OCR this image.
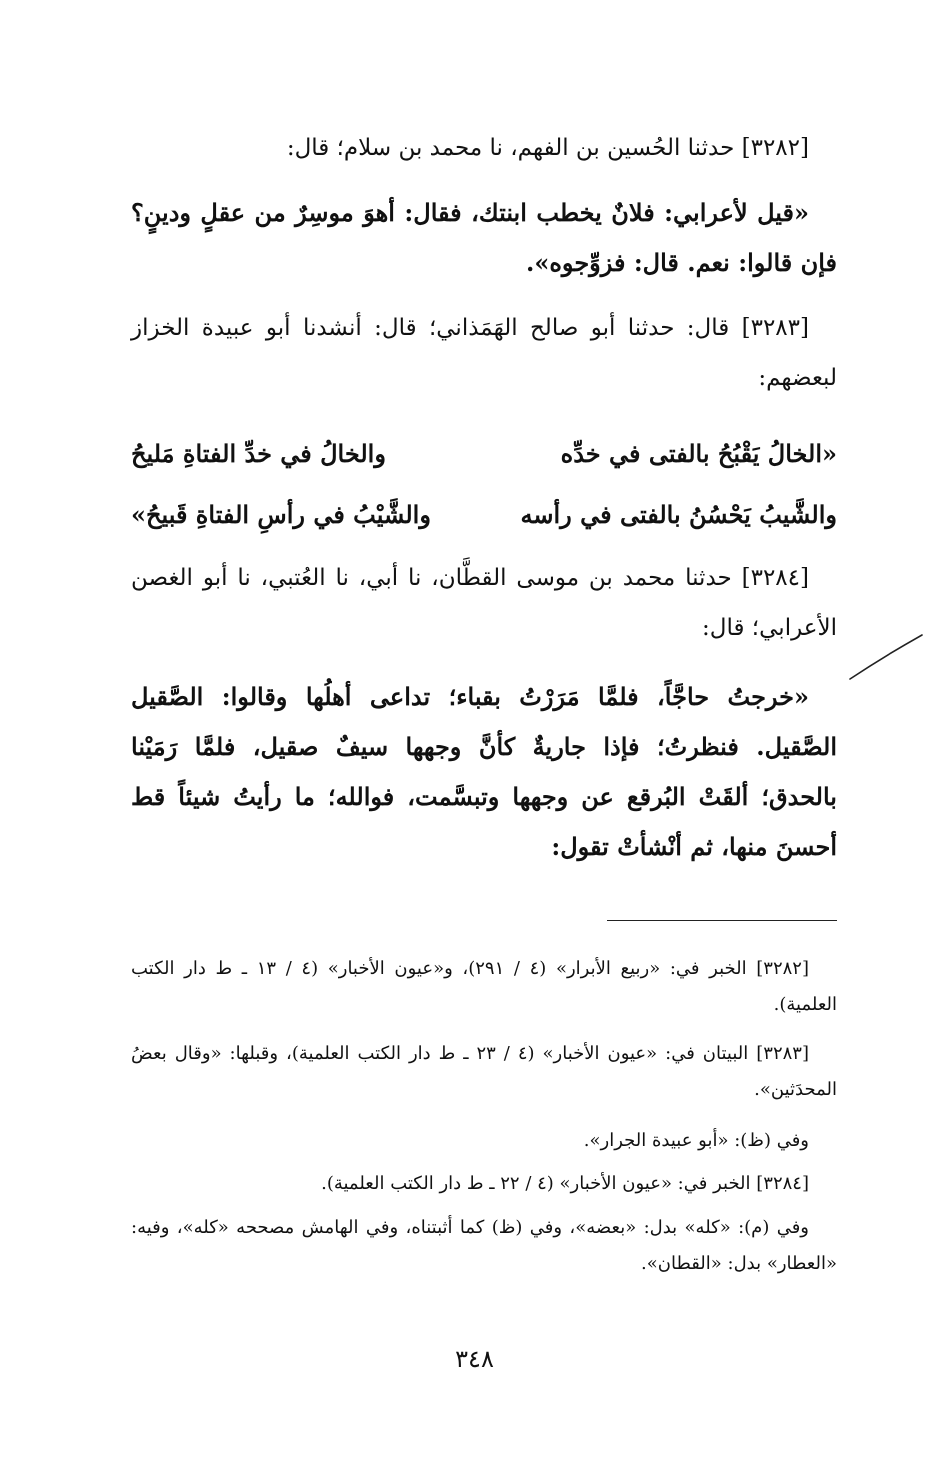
[٣٢٨٢] حدثنا الحُسين بن الفهم، نا محمد بن سلام؛ قال:

«قيل لأعرابي: فلانٌ يخطب ابنتك، فقال: أهوَ موسِرٌ من عقلٍ ودينٍ؟ فإن قالوا: نعم. قال: فزوِّجوه».

[٣٢٨٣] قال: حدثنا أبو صالح الهَمَذاني؛ قال: أنشدنا أبو عبيدة الخزاز لبعضهم:

«الخالُ يَقْبُحُ بالفتى في خدِّه
والخالُ في خدِّ الفتاةِ مَليحُ
والشَّيبُ يَحْسُنُ بالفتى في رأسه
والشَّيْبُ في رأسِ الفتاةِ قَبيحُ»

[٣٢٨٤] حدثنا محمد بن موسى القطَّان، نا أبي، نا العُتبي، نا أبو الغصن الأعرابي؛ قال:

«خرجتُ حاجَّاً، فلمَّا مَرَرْتُ بقباء؛ تداعى أهلُها وقالوا: الصَّقيل الصَّقيل. فنظرتُ؛ فإذا جاريةٌ كأنَّ وجهها سيفٌ صقيل، فلمَّا رَمَيْنا بالحدق؛ ألقَتْ البُرقع عن وجهها وتبسَّمت، فوالله؛ ما رأيتُ شيئاً قط أحسنَ منها، ثم أنْشأتْ تقول:

[٣٢٨٢] الخبر في: «ربيع الأبرار» (٤ / ٢٩١)، و«عيون الأخبار» (٤ / ١٣ ـ ط دار الكتب العلمية).

[٣٢٨٣] البيتان في: «عيون الأخبار» (٤ / ٢٣ ـ ط دار الكتب العلمية)، وقبلها: «وقال بعضُ المحدَثين».

وفي (ظ): «أبو عبيدة الجرار».

[٣٢٨٤] الخبر في: «عيون الأخبار» (٤ / ٢٢ ـ ط دار الكتب العلمية).

وفي (م): «كله» بدل: «بعضه»، وفي (ظ) كما أثبتناه، وفي الهامش مصححه «كله»، وفيه: «العطار» بدل: «القطان».

٣٤٨
